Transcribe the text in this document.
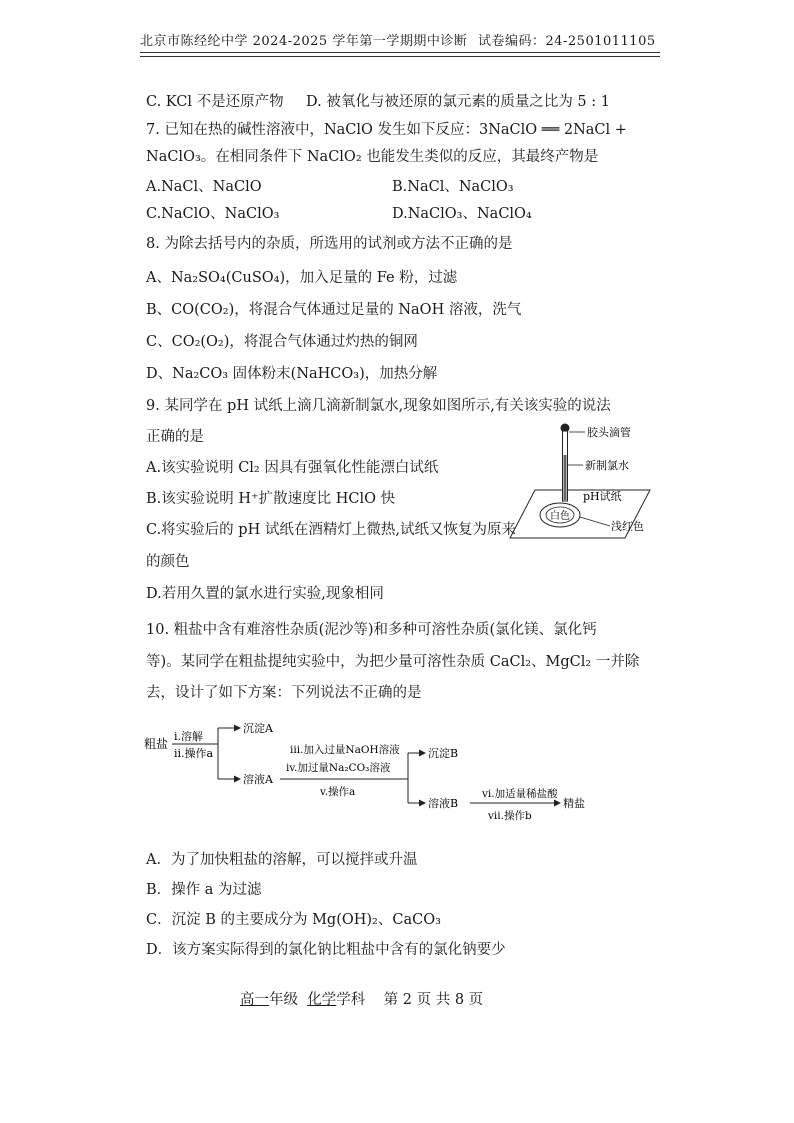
北京市陈经纶中学 2024-2025 学年第一学期期中诊断 试卷编码：24-2501011105
C. KCl 不是还原产物 D. 被氧化与被还原的氯元素的质量之比为 5 : 1
7. 已知在热的碱性溶液中，NaClO 发生如下反应：3NaClO ══ 2NaCl +
NaClO₃。在相同条件下 NaClO₂ 也能发生类似的反应，其最终产物是
A.NaCl、NaClO	B.NaCl、NaClO₃
C.NaClO、NaClO₃	D.NaClO₃、NaClO₄
8. 为除去括号内的杂质，所选用的试剂或方法不正确的是
A、Na₂SO₄(CuSO₄)，加入足量的 Fe 粉，过滤
B、CO(CO₂)，将混合气体通过足量的 NaOH 溶液，洗气
C、CO₂(O₂)，将混合气体通过灼热的铜网
D、Na₂CO₃ 固体粉末(NaHCO₃)，加热分解
9. 某同学在 pH 试纸上滴几滴新制氯水,现象如图所示,有关该实验的说法
正确的是
A.该实验说明 Cl₂ 因具有强氧化性能漂白试纸
B.该实验说明 H⁺扩散速度比 HClO 快
C.将实验后的 pH 试纸在酒精灯上微热,试纸又恢复为原来
的颜色
D.若用久置的氯水进行实验,现象相同
白色
胶头滴管
新制氯水
pH试纸
浅红色
10. 粗盐中含有难溶性杂质(泥沙等)和多种可溶性杂质(氯化镁、氯化钙
等)。某同学在粗盐提纯实验中，为把少量可溶性杂质 CaCl₂、MgCl₂ 一并除
去，设计了如下方案：下列说法不正确的是
粗盐
i.溶解
ii.操作a
沉淀A
溶液A
iii.加入过量NaOH溶液
iv.加过量Na₂CO₃溶液
v.操作a
沉淀B
溶液B
vi.加适量稀盐酸
vii.操作b
精盐
A．为了加快粗盐的溶解，可以搅拌或升温
B．操作 a 为过滤
C．沉淀 B 的主要成分为 Mg(OH)₂、CaCO₃
D．该方案实际得到的氯化钠比粗盐中含有的氯化钠要少
高一年级 化学学科 第 2 页 共 8 页
